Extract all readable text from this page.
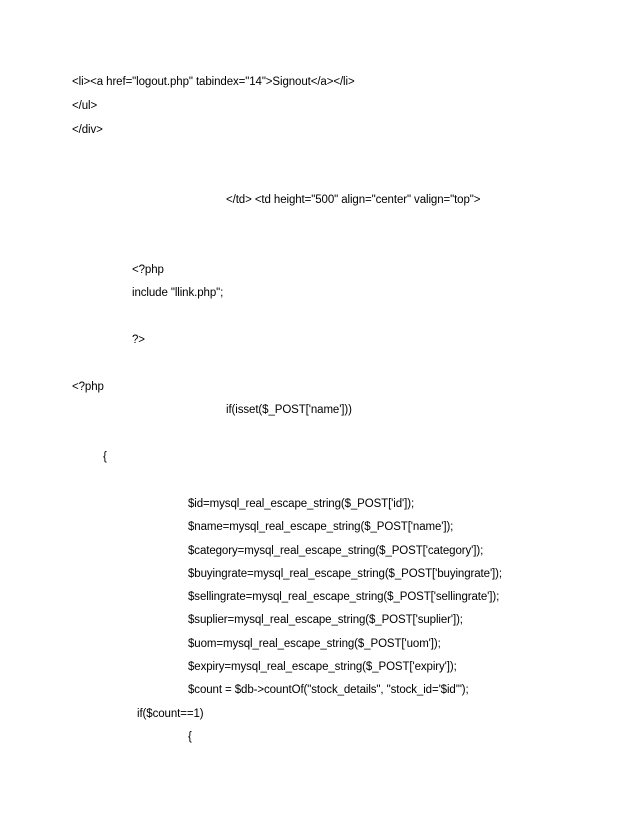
<li><a href="logout.php" tabindex="14">Signout</a></li>
</ul>
</div>
</td> <td height="500" align="center" valign="top">
<?php
include "llink.php";
?>
<?php
if(isset($_POST['name']))
{
$id=mysql_real_escape_string($_POST['id']);
$name=mysql_real_escape_string($_POST['name']);
$category=mysql_real_escape_string($_POST['category']);
$buyingrate=mysql_real_escape_string($_POST['buyingrate']);
$sellingrate=mysql_real_escape_string($_POST['sellingrate']);
$suplier=mysql_real_escape_string($_POST['suplier']);
$uom=mysql_real_escape_string($_POST['uom']);
$expiry=mysql_real_escape_string($_POST['expiry']);
$count = $db->countOf("stock_details", "stock_id='$id'");
if($count==1)
{
